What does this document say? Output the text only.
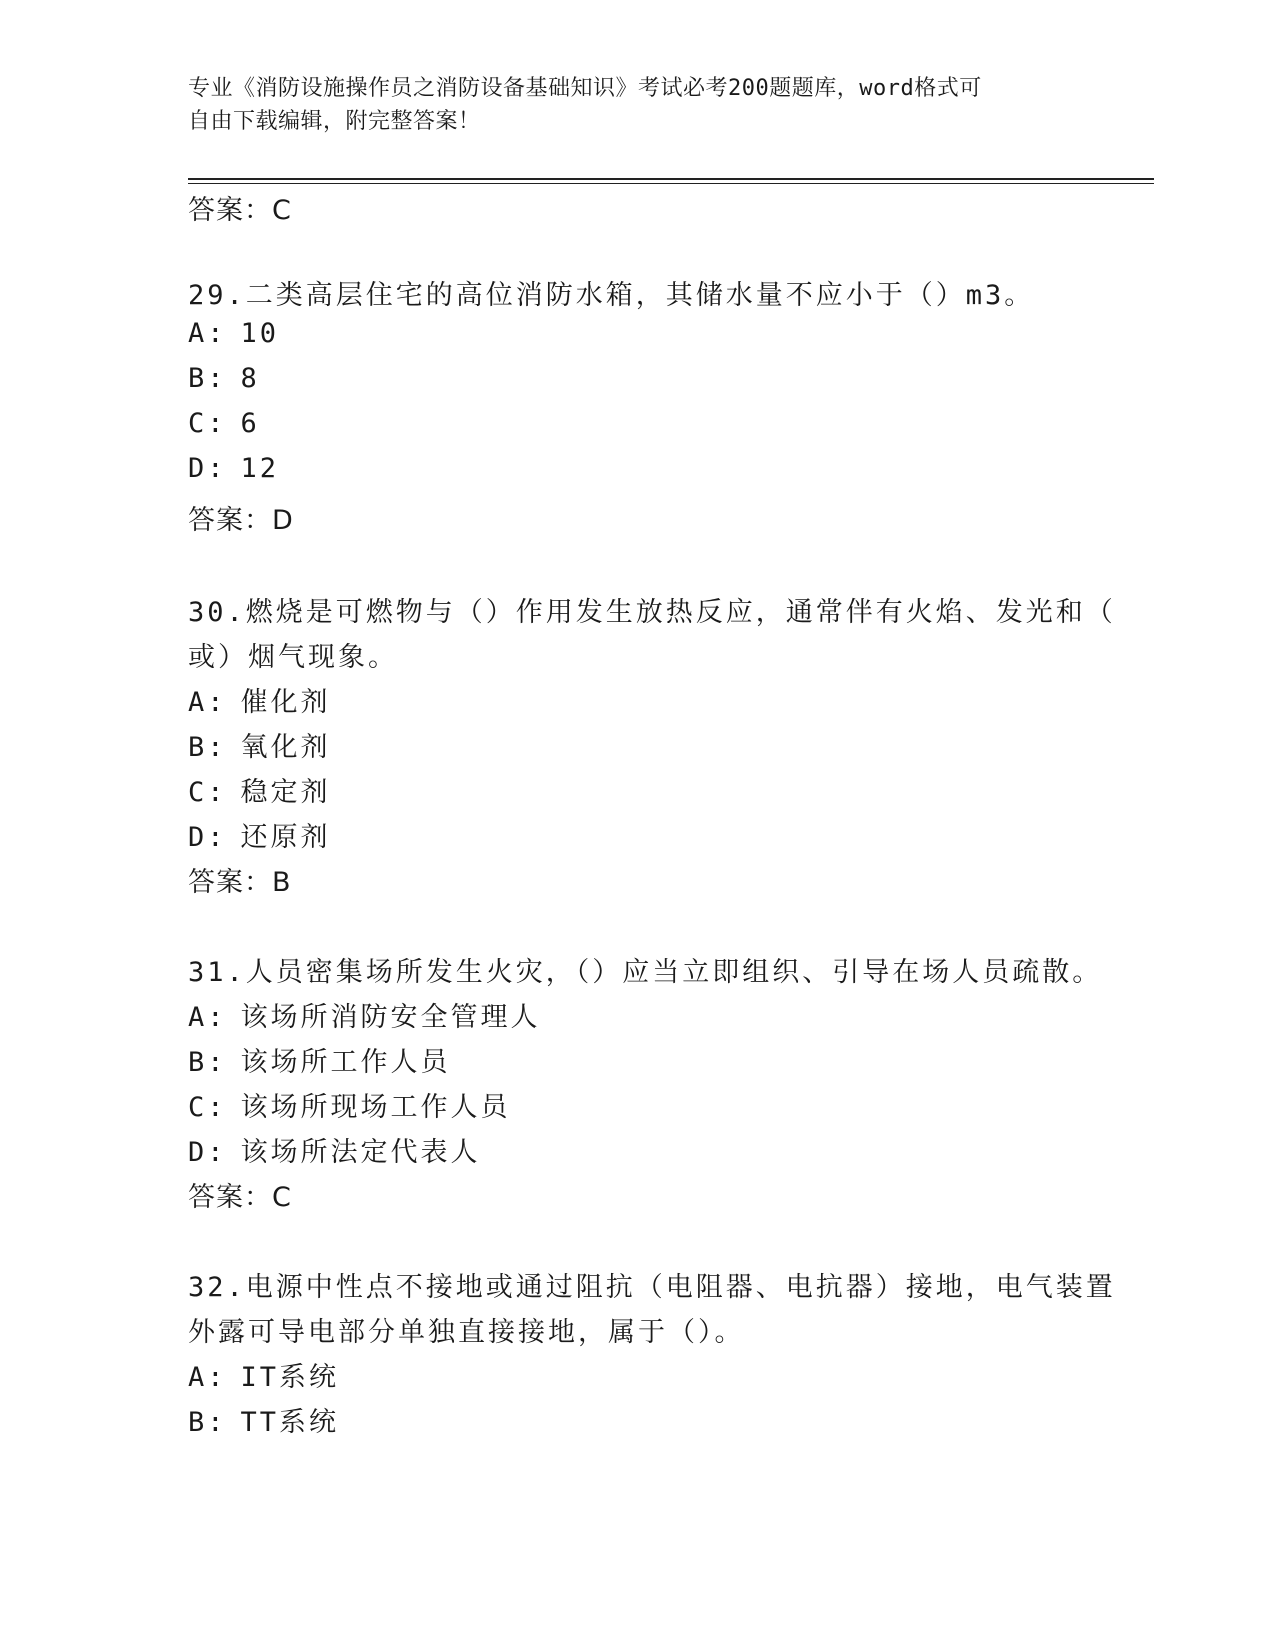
专业《消防设施操作员之消防设备基础知识》考试必考200题题库，word格式可
自由下载编辑，附完整答案！
答案：C
29.二类高层住宅的高位消防水箱，其储水量不应小于（）m3。
A: 10
B: 8
C: 6
D: 12
答案：D
30.燃烧是可燃物与（）作用发生放热反应，通常伴有火焰、发光和（
或）烟气现象。
A: 催化剂
B: 氧化剂
C: 稳定剂
D: 还原剂
答案：B
31.人员密集场所发生火灾，（）应当立即组织、引导在场人员疏散。
A: 该场所消防安全管理人
B: 该场所工作人员
C: 该场所现场工作人员
D: 该场所法定代表人
答案：C
32.电源中性点不接地或通过阻抗（电阻器、电抗器）接地，电气装置
外露可导电部分单独直接接地，属于（）。
A: IT系统
B: TT系统
